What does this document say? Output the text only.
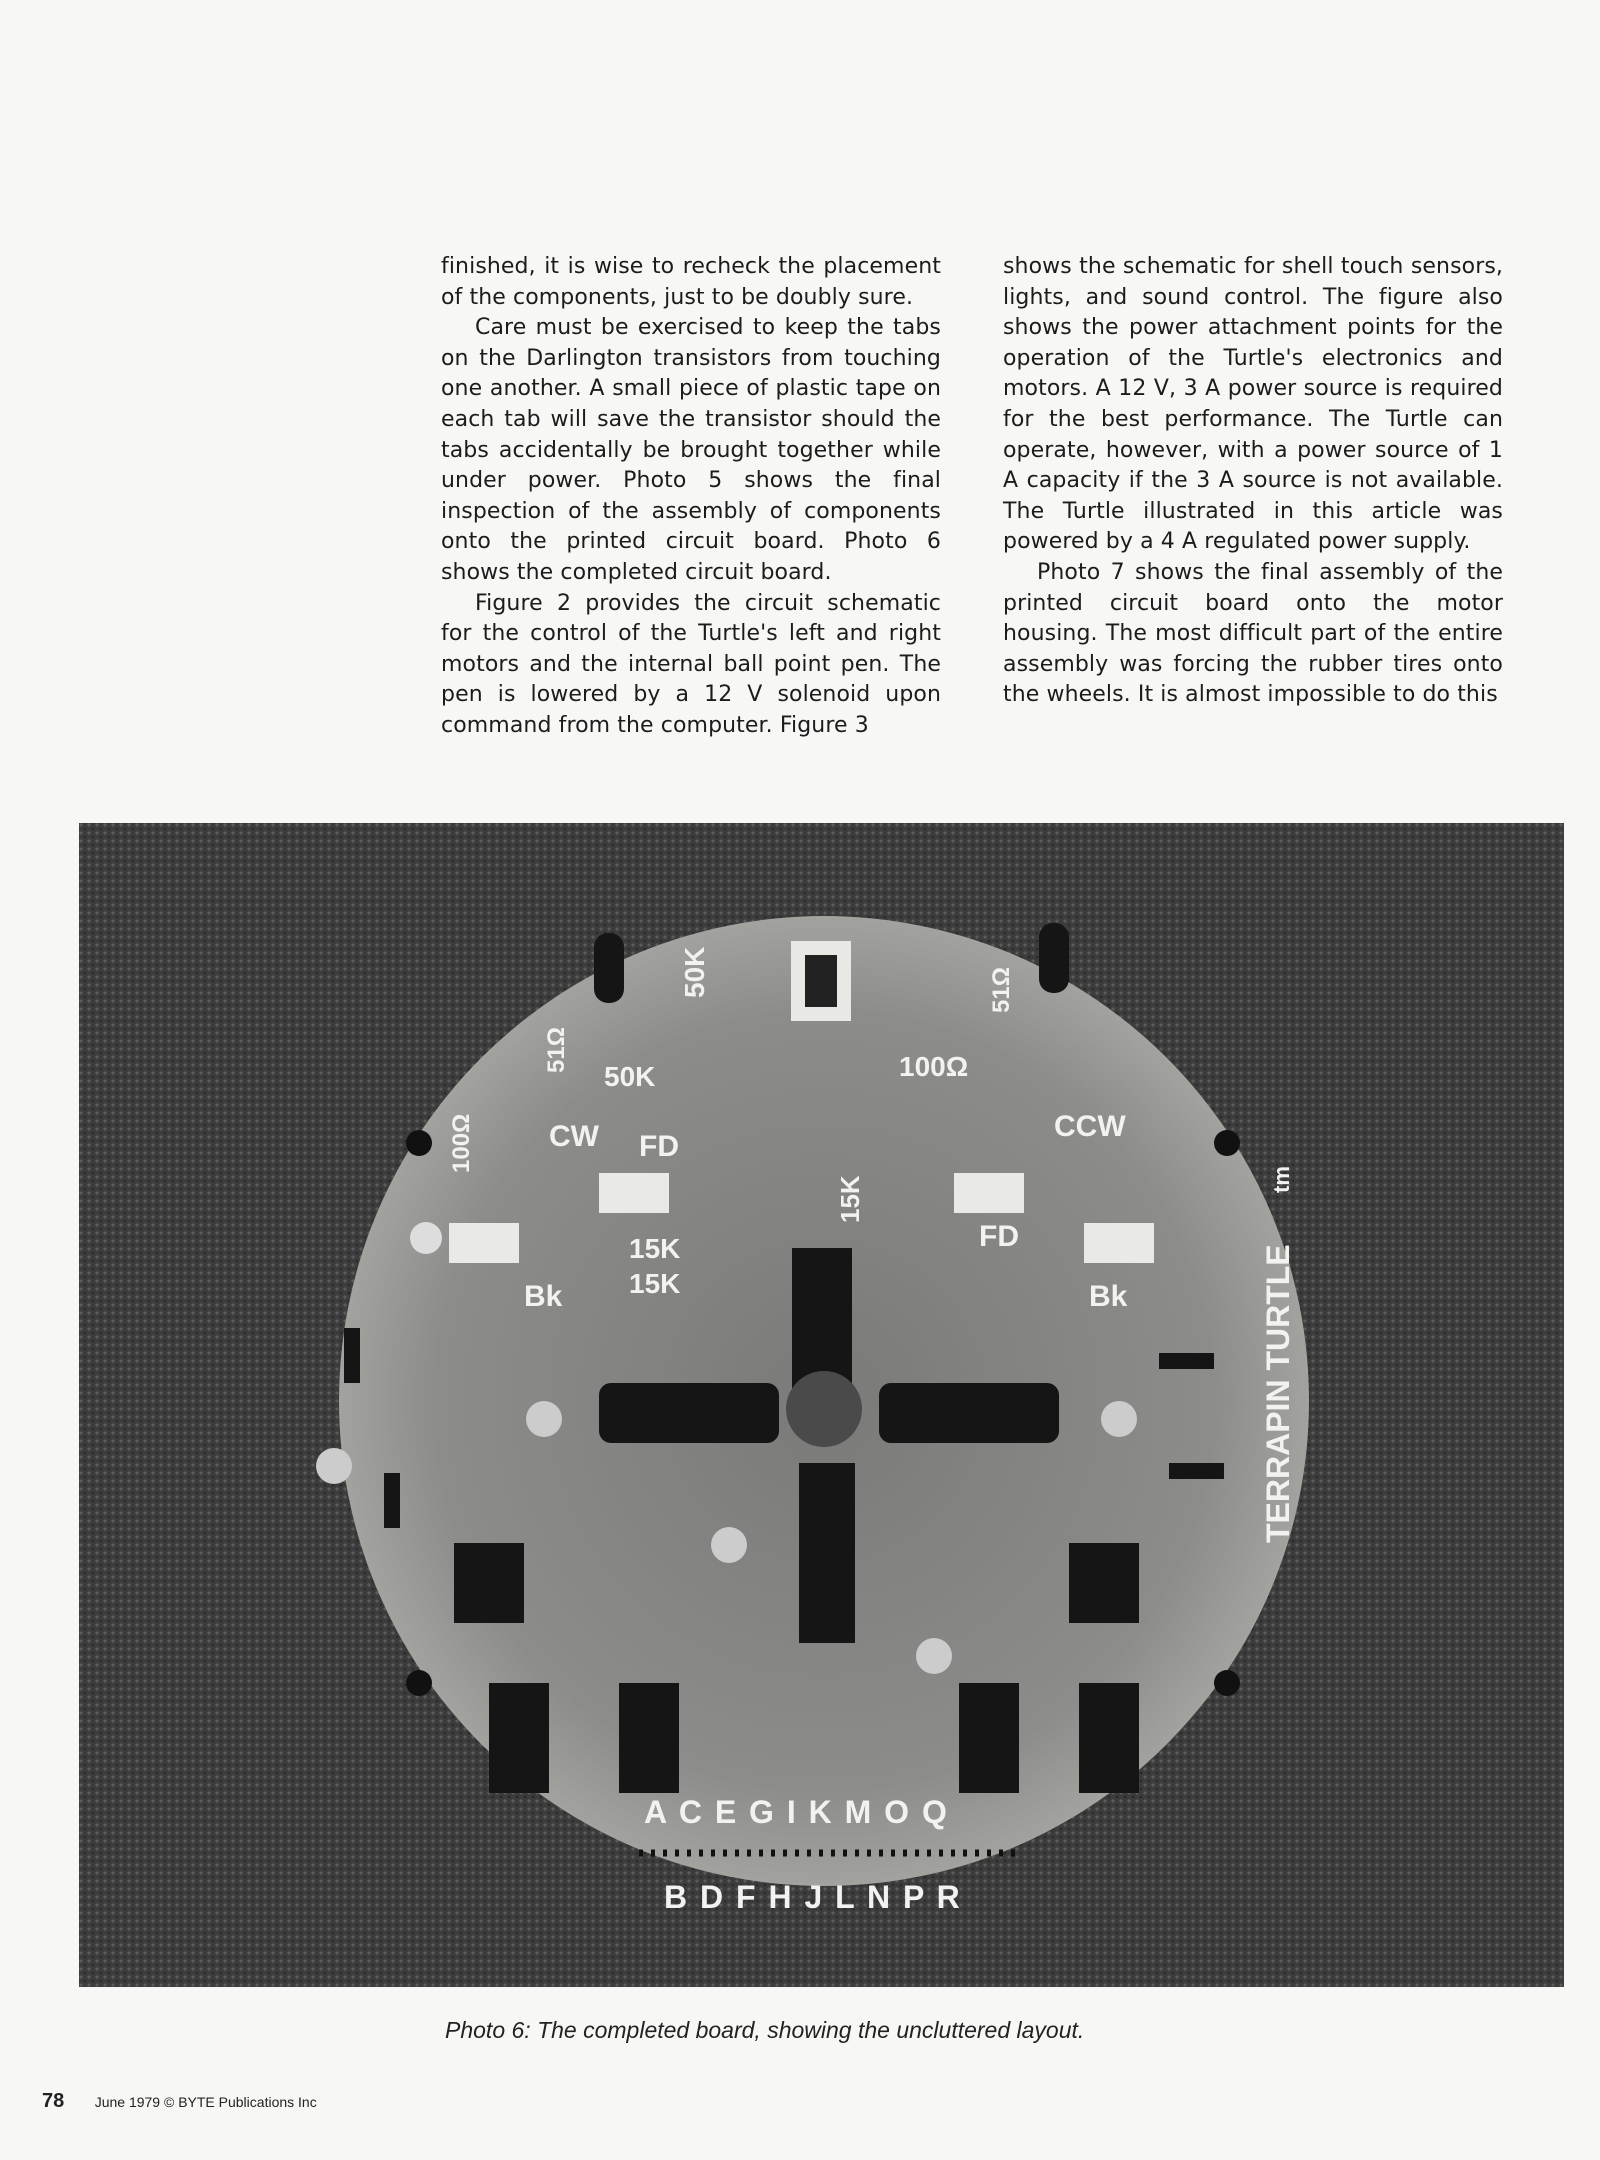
finished, it is wise to recheck the placement of the components, just to be doubly sure.

Care must be exercised to keep the tabs on the Darlington transistors from touching one another. A small piece of plastic tape on each tab will save the transistor should the tabs accidentally be brought together while under power. Photo 5 shows the final inspection of the assembly of components onto the printed circuit board. Photo 6 shows the completed circuit board.

Figure 2 provides the circuit schematic for the control of the Turtle's left and right motors and the internal ball point pen. The pen is lowered by a 12 V solenoid upon command from the computer. Figure 3

shows the schematic for shell touch sensors, lights, and sound control. The figure also shows the power attachment points for the operation of the Turtle's electronics and motors. A 12 V, 3 A power source is required for the best performance. The Turtle can operate, however, with a power source of 1 A capacity if the 3 A source is not available. The Turtle illustrated in this article was powered by a 4 A regulated power supply.

Photo 7 shows the final assembly of the printed circuit board onto the motor housing. The most difficult part of the entire assembly was forcing the rubber tires onto the wheels. It is almost impossible to do this

CW FD
CCW
FD
Bk	Bk
50K
50K
15K
15K
15K
100Ω
100Ω
51Ω
51Ω
TERRAPIN TURTLE
tm
A C E G I K M O Q
B D F H J L N P R
Photo 6: The completed board, showing the uncluttered layout.
78 June 1979 © BYTE Publications Inc
